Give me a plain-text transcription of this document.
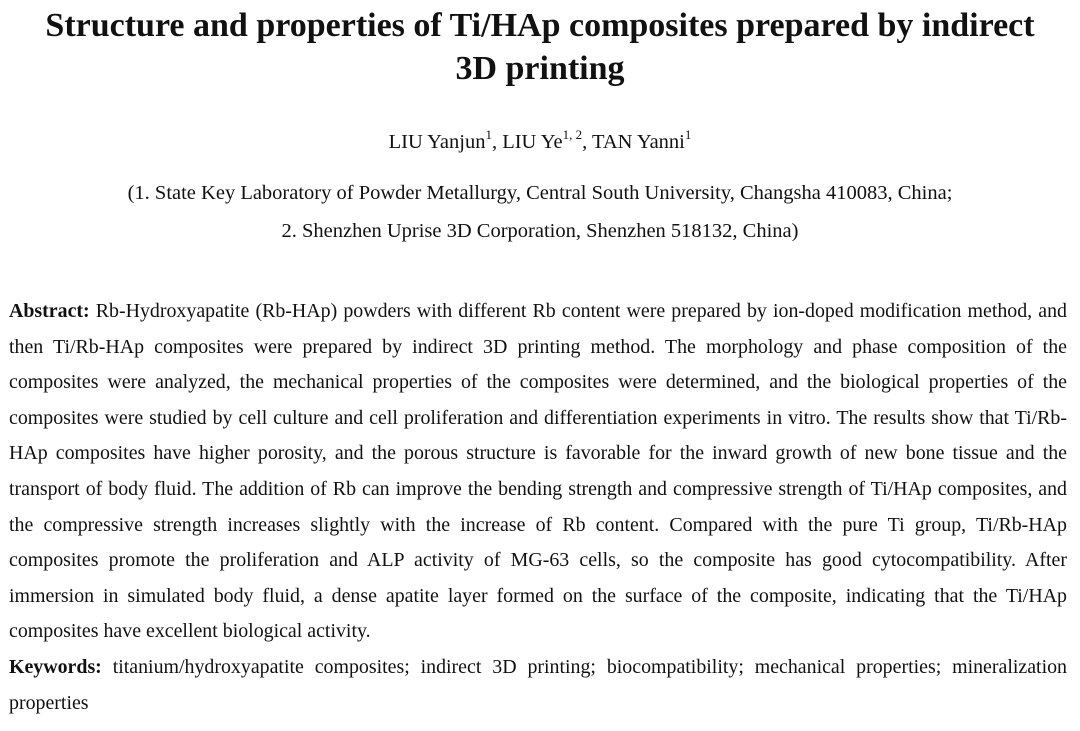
Structure and properties of Ti/HAp composites prepared by indirect 3D printing
LIU Yanjun$^1$, LIU Ye$^{1, 2}$, TAN Yanni$^1$
(1. State Key Laboratory of Powder Metallurgy, Central South University, Changsha 410083, China;
2. Shenzhen Uprise 3D Corporation, Shenzhen 518132, China)

Abstract: Rb-Hydroxyapatite (Rb-HAp) powders with different Rb content were prepared by ion-doped modification method, and then Ti/Rb-HAp composites were prepared by indirect 3D printing method. The morphology and phase composition of the composites were analyzed, the mechanical properties of the composites were determined, and the biological properties of the composites were studied by cell culture and cell proliferation and differentiation experiments in vitro. The results show that Ti/Rb-HAp composites have higher porosity, and the porous structure is favorable for the inward growth of new bone tissue and the transport of body fluid. The addition of Rb can improve the bending strength and compressive strength of Ti/HAp composites, and the compressive strength increases slightly with the increase of Rb content. Compared with the pure Ti group, Ti/Rb-HAp composites promote the proliferation and ALP activity of MG-63 cells, so the composite has good cytocompatibility. After immersion in simulated body fluid, a dense apatite layer formed on the surface of the composite, indicating that the Ti/HAp composites have excellent biological activity.

Keywords: titanium/hydroxyapatite composites; indirect 3D printing; biocompatibility; mechanical properties; mineralization properties
